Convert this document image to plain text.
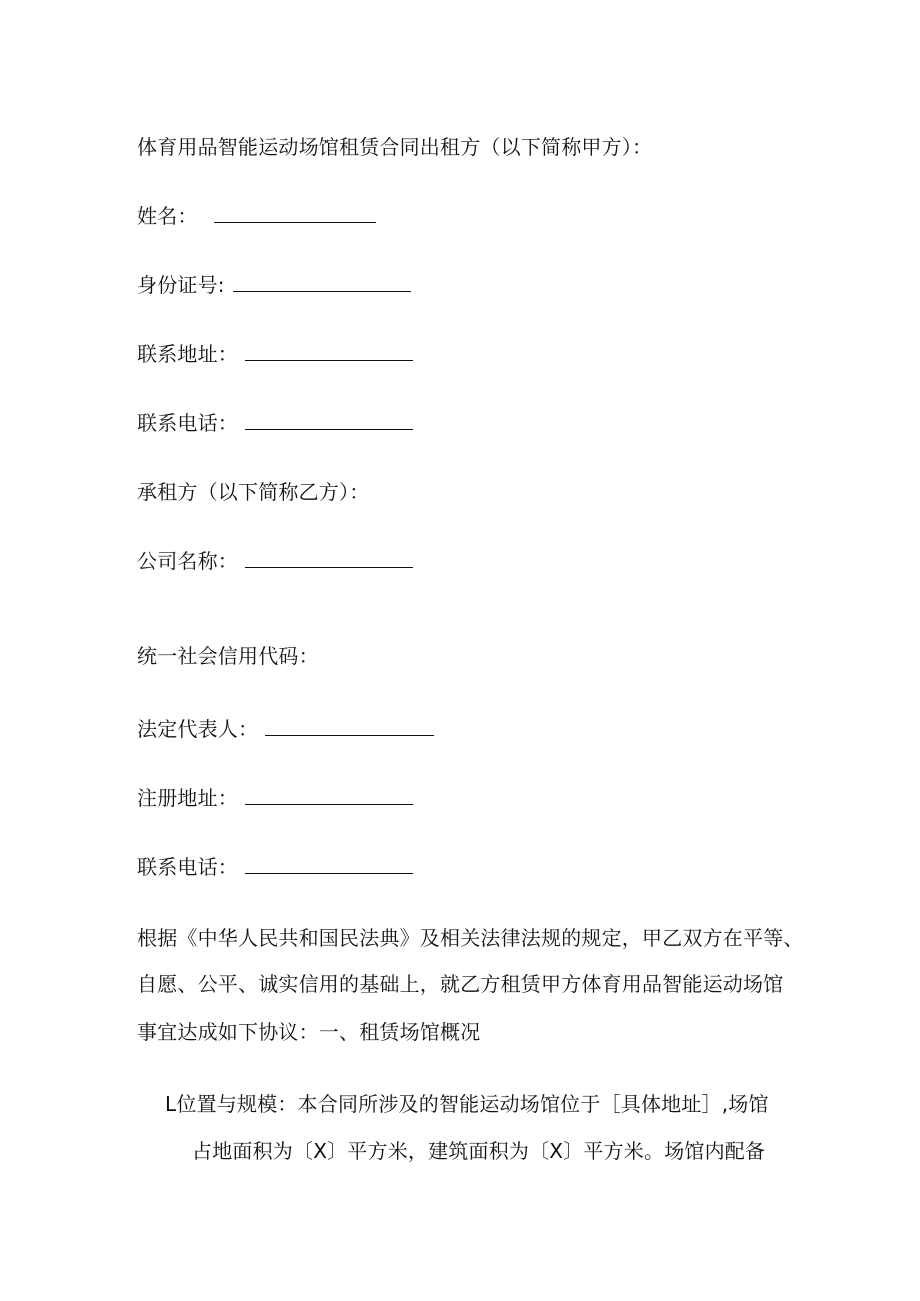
体育用品智能运动场馆租赁合同出租方（以下简称甲方）：
姓名：
身份证号:
联系地址：
联系电话：
承租方（以下简称乙方）：
公司名称：
统一社会信用代码：
法定代表人：
注册地址：
联系电话：
根据《中华人民共和国民法典》及相关法律法规的规定，甲乙双方在平等、
自愿、公平、诚实信用的基础上，就乙方租赁甲方体育用品智能运动场馆
事宜达成如下协议：一、租赁场馆概况
L位置与规模：本合同所涉及的智能运动场馆位于［具体地址］,场馆
占地面积为〔X〕平方米，建筑面积为〔X〕平方米。场馆内配备
